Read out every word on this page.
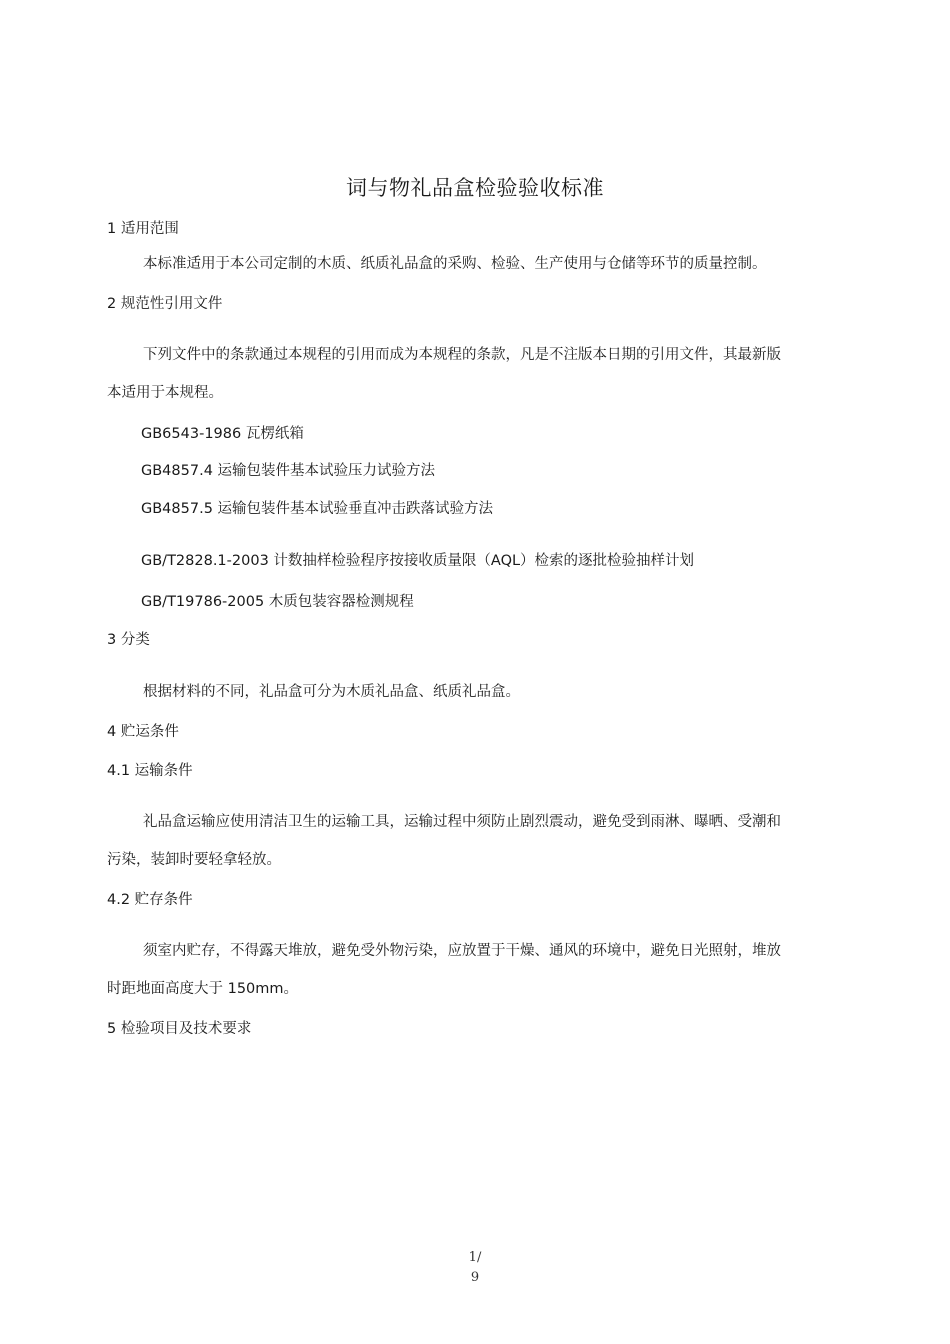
词与物礼品盒检验验收标准
1 适用范围
本标准适用于本公司定制的木质、纸质礼品盒的采购、检验、生产使用与仓储等环节的质量控制。
2 规范性引用文件
下列文件中的条款通过本规程的引用而成为本规程的条款，凡是不注版本日期的引用文件，其最新版
本适用于本规程。
GB6543-1986 瓦楞纸箱
GB4857.4 运输包装件基本试验压力试验方法
GB4857.5 运输包装件基本试验垂直冲击跌落试验方法
GB/T2828.1-2003 计数抽样检验程序按接收质量限（AQL）检索的逐批检验抽样计划
GB/T19786-2005 木质包装容器检测规程
3 分类
根据材料的不同，礼品盒可分为木质礼品盒、纸质礼品盒。
4 贮运条件
4.1 运输条件
礼品盒运输应使用清洁卫生的运输工具，运输过程中须防止剧烈震动，避免受到雨淋、曝晒、受潮和
污染，装卸时要轻拿轻放。
4.2 贮存条件
须室内贮存，不得露天堆放，避免受外物污染，应放置于干燥、通风的环境中，避免日光照射，堆放
时距地面高度大于 150mm。
5 检验项目及技术要求
1/
9
